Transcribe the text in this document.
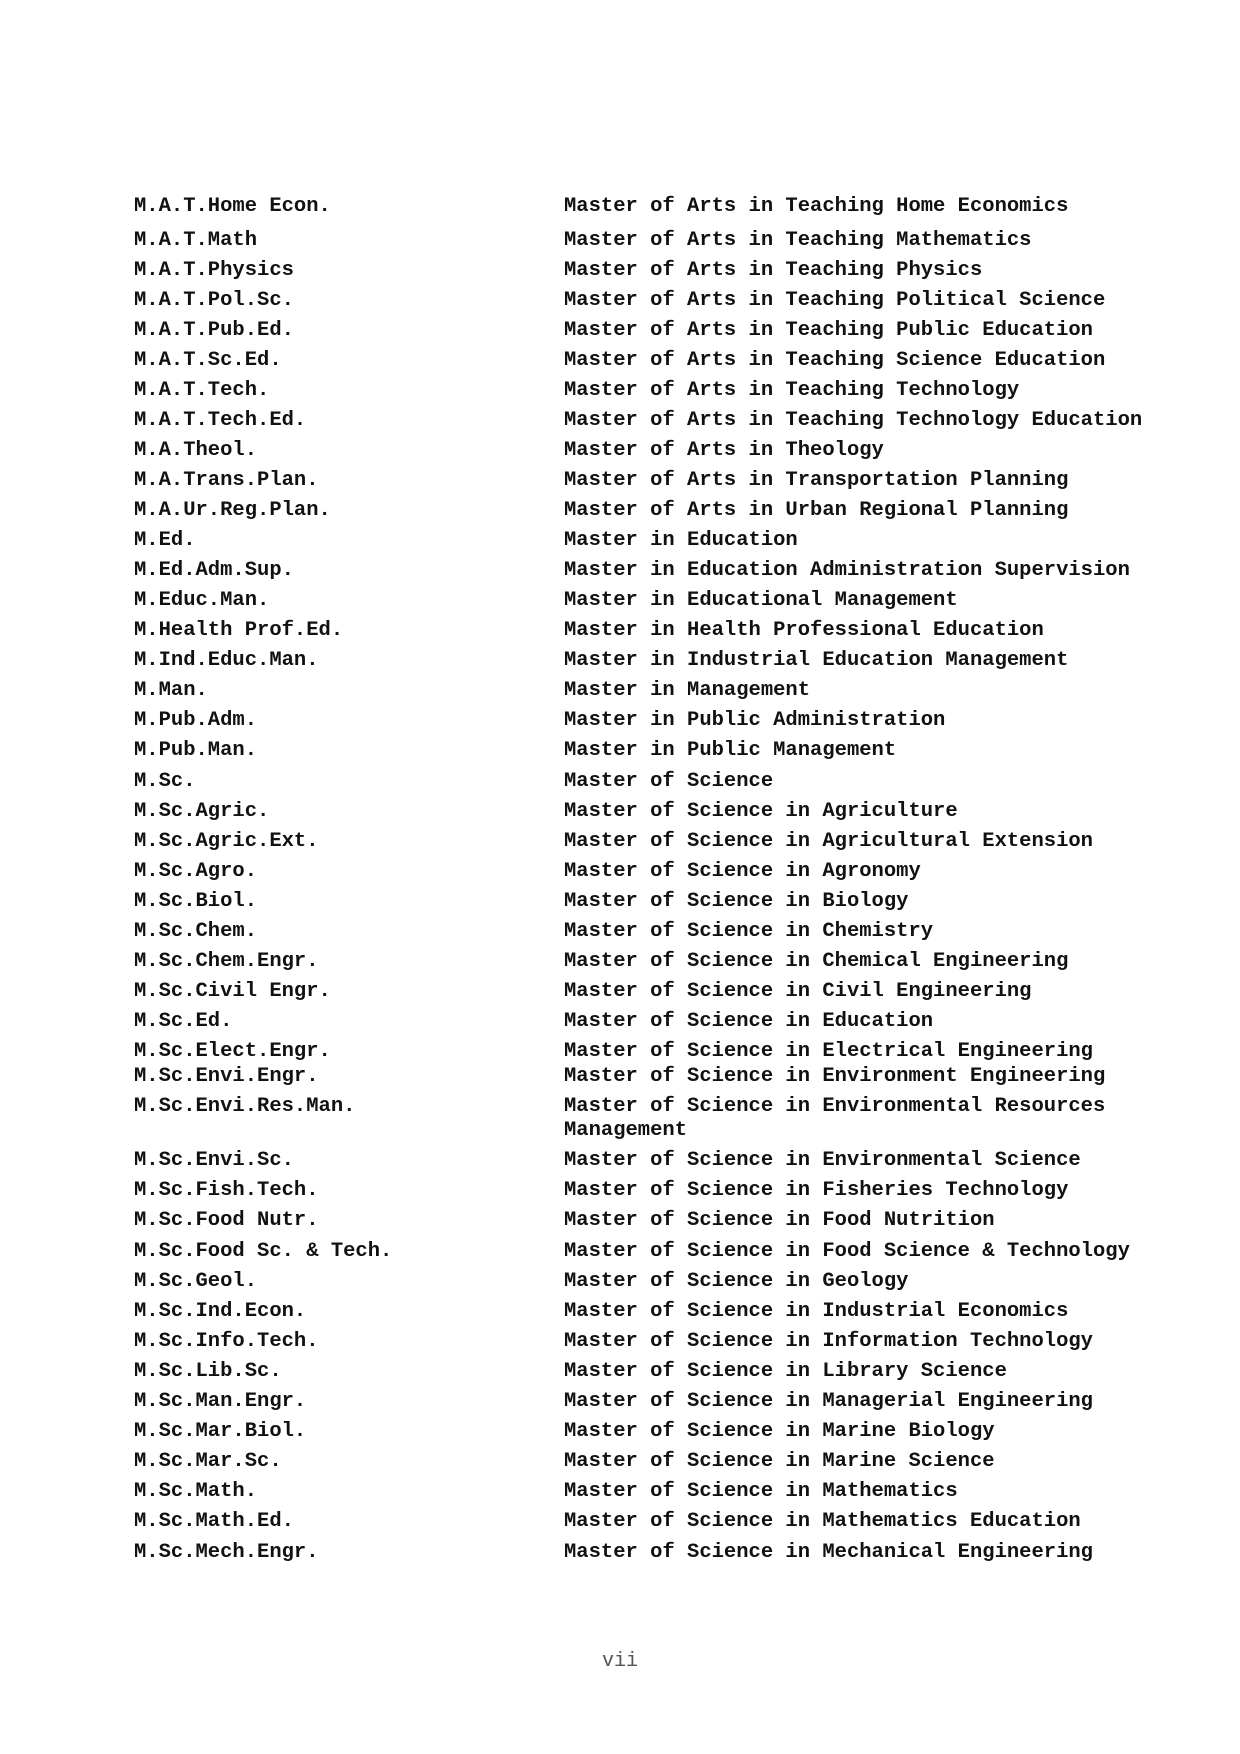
M.A.T.Home Econ.	Master of Arts in Teaching Home Economics
M.A.T.Math	Master of Arts in Teaching Mathematics
M.A.T.Physics	Master of Arts in Teaching Physics
M.A.T.Pol.Sc.	Master of Arts in Teaching Political Science
M.A.T.Pub.Ed.	Master of Arts in Teaching Public Education
M.A.T.Sc.Ed.	Master of Arts in Teaching Science Education
M.A.T.Tech.	Master of Arts in Teaching Technology
M.A.T.Tech.Ed.	Master of Arts in Teaching Technology Education
M.A.Theol.	Master of Arts in Theology
M.A.Trans.Plan.	Master of Arts in Transportation Planning
M.A.Ur.Reg.Plan.	Master of Arts in Urban Regional Planning
M.Ed.	Master in Education
M.Ed.Adm.Sup.	Master in Education Administration Supervision
M.Educ.Man.	Master in Educational Management
M.Health Prof.Ed.	Master in Health Professional Education
M.Ind.Educ.Man.	Master in Industrial Education Management
M.Man.	Master in Management
M.Pub.Adm.	Master in Public Administration
M.Pub.Man.	Master in Public Management
M.Sc.	Master of Science
M.Sc.Agric.	Master of Science in Agriculture
M.Sc.Agric.Ext.	Master of Science in Agricultural Extension
M.Sc.Agro.	Master of Science in Agronomy
M.Sc.Biol.	Master of Science in Biology
M.Sc.Chem.	Master of Science in Chemistry
M.Sc.Chem.Engr.	Master of Science in Chemical Engineering
M.Sc.Civil Engr.	Master of Science in Civil Engineering
M.Sc.Ed.	Master of Science in Education
M.Sc.Elect.Engr.	Master of Science in Electrical Engineering
M.Sc.Envi.Engr.	Master of Science in Environment Engineering
M.Sc.Envi.Res.Man.	Master of Science in Environmental Resources Management
M.Sc.Envi.Sc.	Master of Science in Environmental Science
M.Sc.Fish.Tech.	Master of Science in Fisheries Technology
M.Sc.Food Nutr.	Master of Science in Food Nutrition
M.Sc.Food Sc. & Tech.	Master of Science in Food Science & Technology
M.Sc.Geol.	Master of Science in Geology
M.Sc.Ind.Econ.	Master of Science in Industrial Economics
M.Sc.Info.Tech.	Master of Science in Information Technology
M.Sc.Lib.Sc.	Master of Science in Library Science
M.Sc.Man.Engr.	Master of Science in Managerial Engineering
M.Sc.Mar.Biol.	Master of Science in Marine Biology
M.Sc.Mar.Sc.	Master of Science in Marine Science
M.Sc.Math.	Master of Science in Mathematics
M.Sc.Math.Ed.	Master of Science in Mathematics Education
M.Sc.Mech.Engr.	Master of Science in Mechanical Engineering
vii
